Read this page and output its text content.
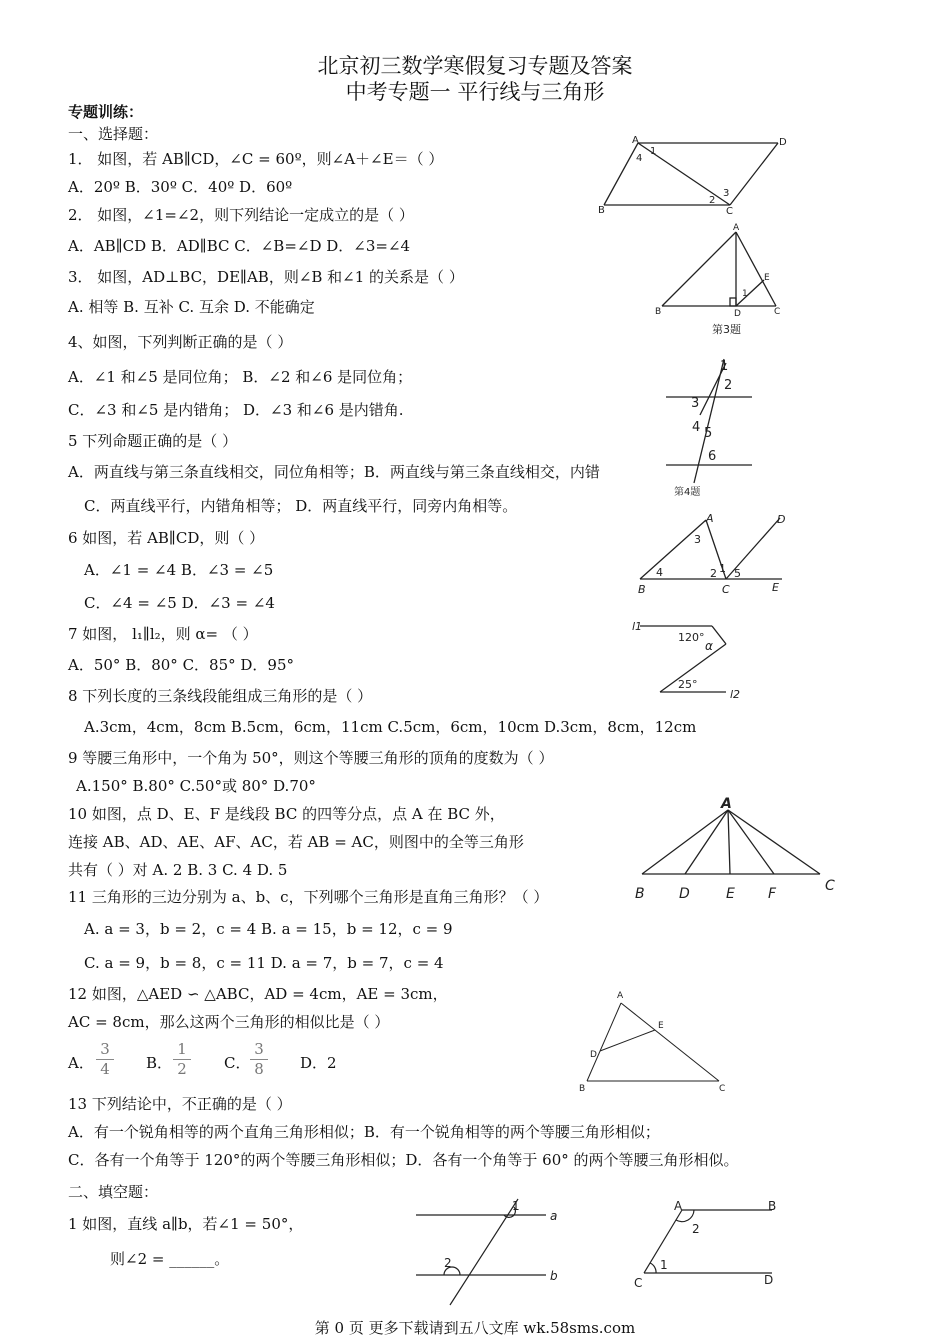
北京初三数学寒假复习专题及答案
中考专题一 平行线与三角形
专题训练：
一、选择题：
1． 如图，若 AB∥CD，∠C = 60º，则∠A＋∠E＝（ ）
A．20º B．30º C．40º D．60º
2． 如图，∠1=∠2，则下列结论一定成立的是（ ）
A．AB∥CD B．AD∥BC C．∠B=∠D D．∠3=∠4
3． 如图，AD⊥BC，DE∥AB，则∠B 和∠1 的关系是（ ）
A. 相等 B. 互补 C. 互余 D. 不能确定
4、如图，下列判断正确的是（ ）
A．∠1 和∠5 是同位角； B．∠2 和∠6 是同位角；
C．∠3 和∠5 是内错角； D．∠3 和∠6 是内错角.
5 下列命题正确的是（ ）
A．两直线与第三条直线相交，同位角相等；B．两直线与第三条直线相交，内错
C．两直线平行，内错角相等； D．两直线平行，同旁内角相等。
6 如图，若 AB∥CD，则（ ）
A．∠1 = ∠4 B．∠3 = ∠5
C．∠4 = ∠5 D．∠3 = ∠4
7 如图， l₁∥l₂，则 α= （ ）
A．50° B．80° C．85° D．95°
8 下列长度的三条线段能组成三角形的是（ ）
A.3cm，4cm，8cm B.5cm，6cm，11cm C.5cm，6cm，10cm D.3cm，8cm，12cm
9 等腰三角形中，一个角为 50°，则这个等腰三角形的顶角的度数为（ ）
A.150° B.80° C.50°或 80° D.70°
10 如图，点 D、E、F 是线段 BC 的四等分点，点 A 在 BC 外，
连接 AB、AD、AE、AF、AC，若 AB = AC，则图中的全等三角形
共有（ ）对 A. 2 B. 3 C. 4 D. 5
11 三角形的三边分别为 a、b、c，下列哪个三角形是直角三角形？（ ）
A. a = 3，b = 2，c = 4 B. a = 15，b = 12，c = 9
C. a = 9，b = 8，c = 11 D. a = 7，b = 7，c = 4
12 如图，△AED ∽ △ABC，AD = 4cm，AE = 3cm，
AC = 8cm，那么这两个三角形的相似比是（ ）
13 下列结论中，不正确的是（ ）
A．有一个锐角相等的两个直角三角形相似；B．有一个锐角相等的两个等腰三角形相似；
C．各有一个角等于 120°的两个等腰三角形相似；D．各有一个角等于 60° 的两个等腰三角形相似。
二、填空题：
1 如图，直线 a∥b，若∠1 = 50°，
则∠2 = ______。
A．
3
4 B．
1
2 C．
3
8 D．2
A	D
B	C
1
4
2
3
A
B	C
D
E
1
第3题
1
2
3
4 5
6
第4题
A
B	C
D
E
1
2
3
4	5
l1
l2
120°
α
25°
A
B D	E F	C
A
B	C
D
E
a
b
1
2
A	B
C	D
1
2
第 0 页 更多下载请到五八文库 wk.58sms.com
